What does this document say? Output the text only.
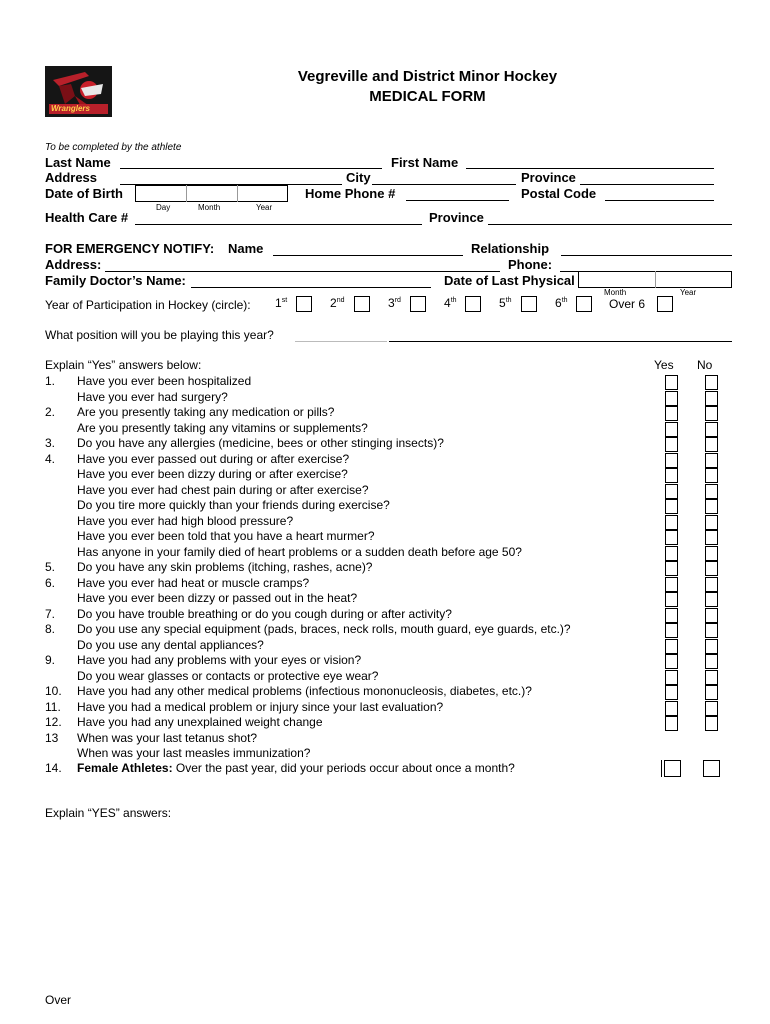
Wranglers
Vegreville and District Minor Hockey
MEDICAL FORM
To be completed by the athlete
Last Name	First Name
Address	City	Province
Date of Birth
Day	Month	Year
Home Phone #	Postal Code
Health Care #	Province
FOR EMERGENCY NOTIFY: Name	Relationship
Address:	Phone:
Family Doctor’s Name:	Date of Last Physical
Month	Year
Year of Participation in Hockey (circle): 1st	2nd	3rd	4th	5th	6th	Over 6
What position will you be playing this year?
Explain “Yes” answers below:	Yes No
1. Have you ever been hospitalized
Have you ever had surgery?
2. Are you presently taking any medication or pills?
Are you presently taking any vitamins or supplements?
3. Do you have any allergies (medicine, bees or other stinging insects)?
4. Have you ever passed out during or after exercise?
Have you ever been dizzy during or after exercise?
Have you ever had chest pain during or after exercise?
Do you tire more quickly than your friends during exercise?
Have you ever had high blood pressure?
Have you ever been told that you have a heart murmer?
Has anyone in your family died of heart problems or a sudden death before age 50?
5. Do you have any skin problems (itching, rashes, acne)?
6. Have you ever had heat or muscle cramps?
Have you ever been dizzy or passed out in the heat?
7. Do you have trouble breathing or do you cough during or after activity?
8. Do you use any special equipment (pads, braces, neck rolls, mouth guard, eye guards, etc.)?
Do you use any dental appliances?
9. Have you had any problems with your eyes or vision?
Do you wear glasses or contacts or protective eye wear?
10. Have you had any other medical problems (infectious mononucleosis, diabetes, etc.)?
11. Have you had a medical problem or injury since your last evaluation?
12. Have you had any unexplained weight change
13 When was your last tetanus shot?
When was your last measles immunization?
14. Female Athletes: Over the past year, did your periods occur about once a month?
Explain “YES” answers:
Over
